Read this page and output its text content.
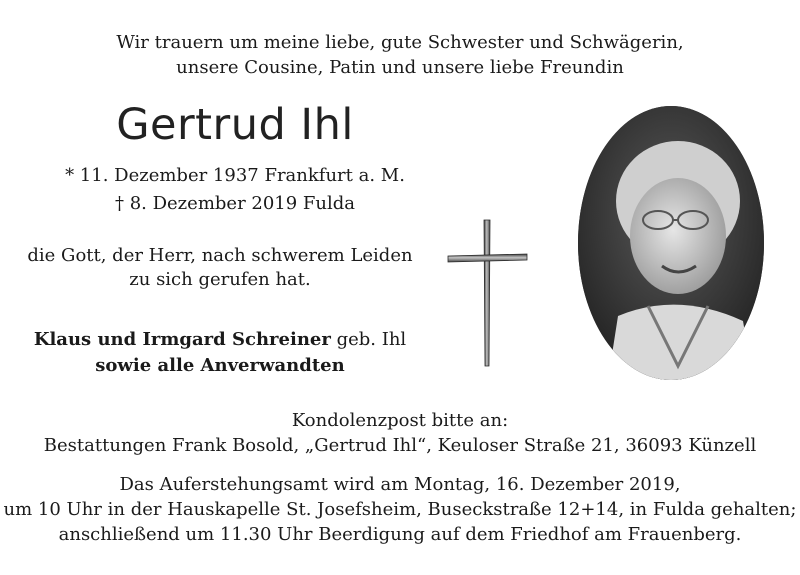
Wir trauern um meine liebe, gute Schwester und Schwägerin,
unsere Cousine, Patin und unsere liebe Freundin
Gertrud Ihl
* 11. Dezember 1937 Frankfurt a. M.
† 8. Dezember 2019 Fulda
die Gott, der Herr, nach schwerem Leiden
zu sich gerufen hat.
Klaus und Irmgard Schreiner geb. Ihl
sowie alle Anverwandten
Kondolenzpost bitte an:
Bestattungen Frank Bosold, „Gertrud Ihl“, Keuloser Straße 21, 36093 Künzell
Das Auferstehungsamt wird am Montag, 16. Dezember 2019,
um 10 Uhr in der Hauskapelle St. Josefsheim, Buseckstraße 12+14, in Fulda gehalten;
anschließend um 11.30 Uhr Beerdigung auf dem Friedhof am Frauenberg.
